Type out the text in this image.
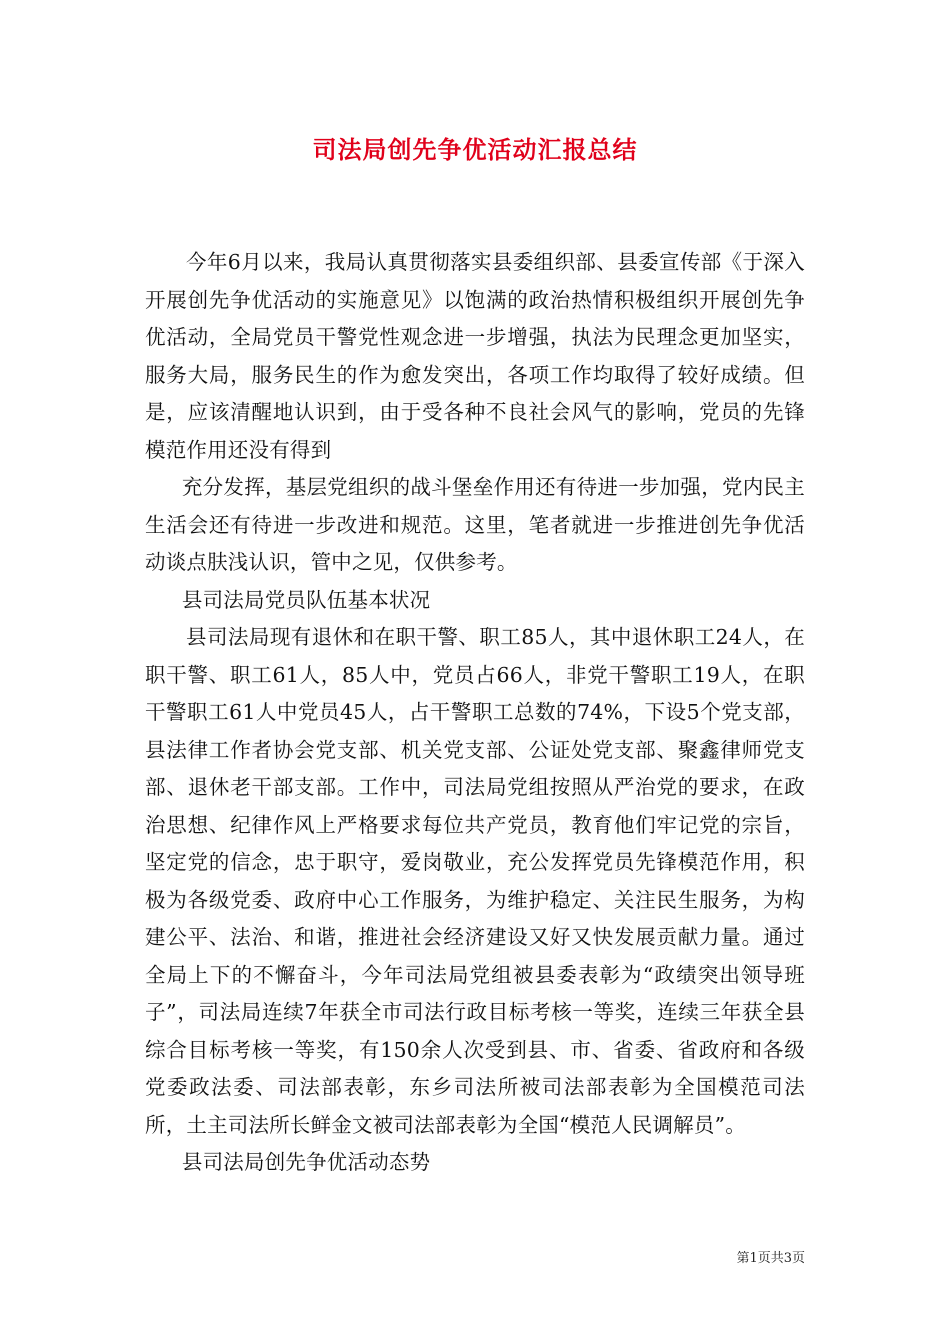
司法局创先争优活动汇报总结

今年6月以来，我局认真贯彻落实县委组织部、县委宣传部《于深入开展创先争优活动的实施意见》以饱满的政治热情积极组织开展创先争优活动，全局党员干警党性观念进一步增强，执法为民理念更加坚实，服务大局，服务民生的作为愈发突出，各项工作均取得了较好成绩。但是，应该清醒地认识到，由于受各种不良社会风气的影响，党员的先锋模范作用还没有得到

充分发挥，基层党组织的战斗堡垒作用还有待进一步加强，党内民主生活会还有待进一步改进和规范。这里，笔者就进一步推进创先争优活动谈点肤浅认识，管中之见，仅供参考。

县司法局党员队伍基本状况

县司法局现有退休和在职干警、职工85人，其中退休职工24人，在职干警、职工61人，85人中，党员占66人，非党干警职工19人，在职干警职工61人中党员45人，占干警职工总数的74%，下设5个党支部，县法律工作者协会党支部、机关党支部、公证处党支部、聚鑫律师党支部、退休老干部支部。工作中，司法局党组按照从严治党的要求，在政治思想、纪律作风上严格要求每位共产党员，教育他们牢记党的宗旨，坚定党的信念，忠于职守，爱岗敬业，充公发挥党员先锋模范作用，积极为各级党委、政府中心工作服务，为维护稳定、关注民生服务，为构建公平、法治、和谐，推进社会经济建设又好又快发展贡献力量。通过全局上下的不懈奋斗，今年司法局党组被县委表彰为“政绩突出领导班子”，司法局连续7年获全市司法行政目标考核一等奖，连续三年获全县综合目标考核一等奖，有150余人次受到县、市、省委、省政府和各级党委政法委、司法部表彰，东乡司法所被司法部表彰为全国模范司法所，土主司法所长鲜金文被司法部表彰为全国“模范人民调解员”。

县司法局创先争优活动态势

第1页共3页
